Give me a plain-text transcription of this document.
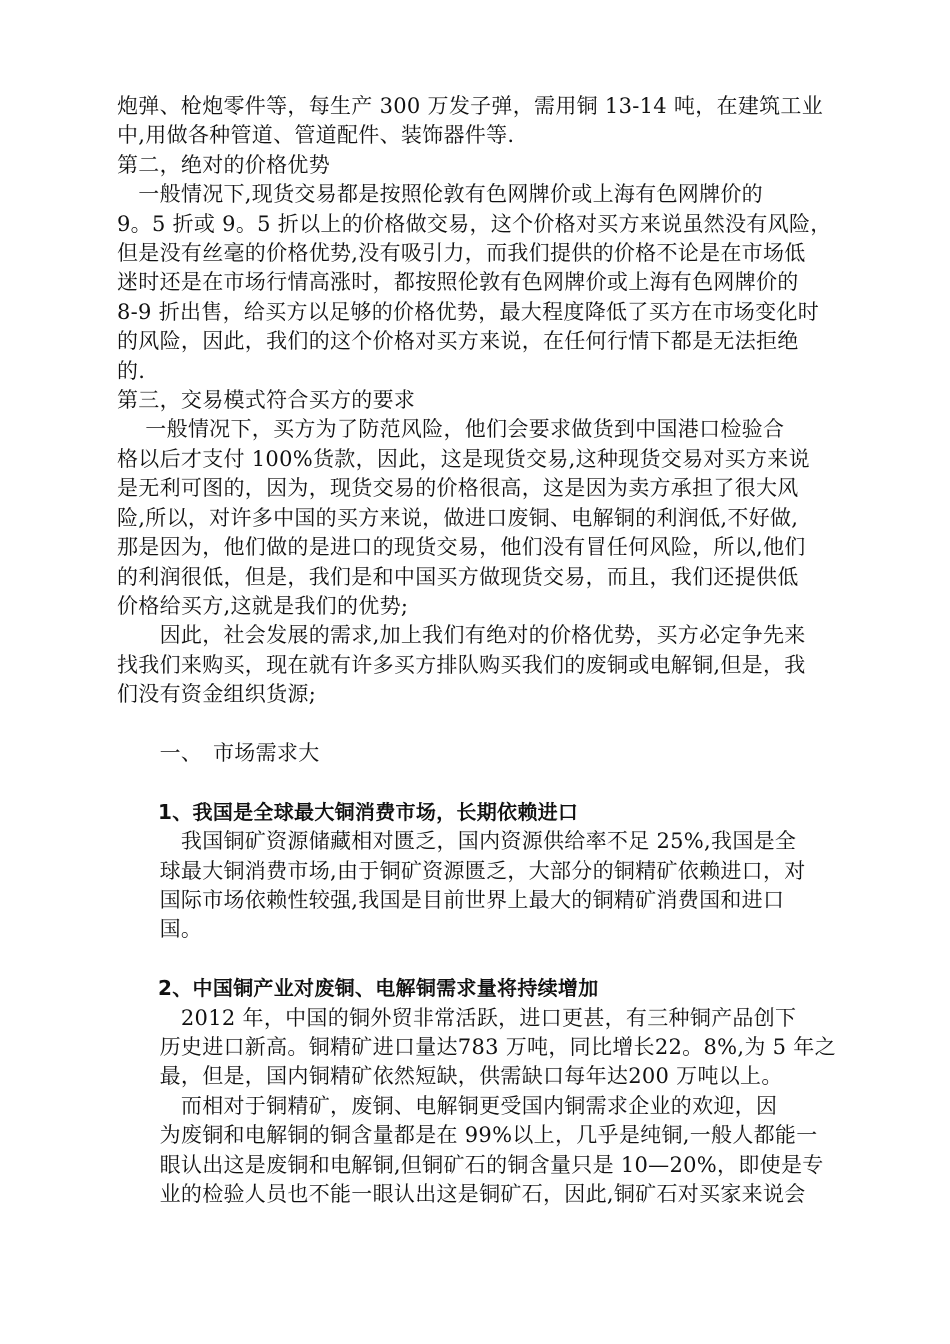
炮弹、枪炮零件等，每生产 300 万发子弹，需用铜 13-14 吨，在建筑工业
中,用做各种管道、管道配件、装饰器件等.
第二，绝对的价格优势
　一般情况下,现货交易都是按照伦敦有色网牌价或上海有色网牌价的
9。5 折或 9。5 折以上的价格做交易，这个价格对买方来说虽然没有风险，
但是没有丝毫的价格优势,没有吸引力，而我们提供的价格不论是在市场低
迷时还是在市场行情高涨时，都按照伦敦有色网牌价或上海有色网牌价的
8-9 折出售，给买方以足够的价格优势，最大程度降低了买方在市场变化时
的风险，因此，我们的这个价格对买方来说，在任何行情下都是无法拒绝
的.
第三，交易模式符合买方的要求
　 一般情况下，买方为了防范风险，他们会要求做货到中国港口检验合
格以后才支付 100%货款，因此，这是现货交易,这种现货交易对买方来说
是无利可图的，因为，现货交易的价格很高，这是因为卖方承担了很大风
险,所以，对许多中国的买方来说，做进口废铜、电解铜的利润低,不好做,
那是因为，他们做的是进口的现货交易，他们没有冒任何风险，所以,他们
的利润很低，但是，我们是和中国买方做现货交易，而且，我们还提供低
价格给买方,这就是我们的优势;
　　因此，社会发展的需求,加上我们有绝对的价格优势，买方必定争先来
找我们来购买，现在就有许多买方排队购买我们的废铜或电解铜,但是，我
们没有资金组织货源;
　　一、　市场需求大
1、我国是全球最大铜消费市场，长期依赖进口
　　　我国铜矿资源储藏相对匮乏，国内资源供给率不足 25%,我国是全
　　球最大铜消费市场,由于铜矿资源匮乏，大部分的铜精矿依赖进口，对
　　国际市场依赖性较强,我国是目前世界上最大的铜精矿消费国和进口
　　国。
2、中国铜产业对废铜、电解铜需求量将持续增加
　　　2012 年，中国的铜外贸非常活跃，进口更甚，有三种铜产品创下
　　历史进口新高。铜精矿进口量达783 万吨，同比增长22。8%,为 5 年之
　　最，但是，国内铜精矿依然短缺，供需缺口每年达200 万吨以上。
　　　而相对于铜精矿，废铜、电解铜更受国内铜需求企业的欢迎，因
　　为废铜和电解铜的铜含量都是在 99%以上，几乎是纯铜,一般人都能一
　　眼认出这是废铜和电解铜,但铜矿石的铜含量只是 10—20%，即使是专
　　业的检验人员也不能一眼认出这是铜矿石，因此,铜矿石对买家来说会
